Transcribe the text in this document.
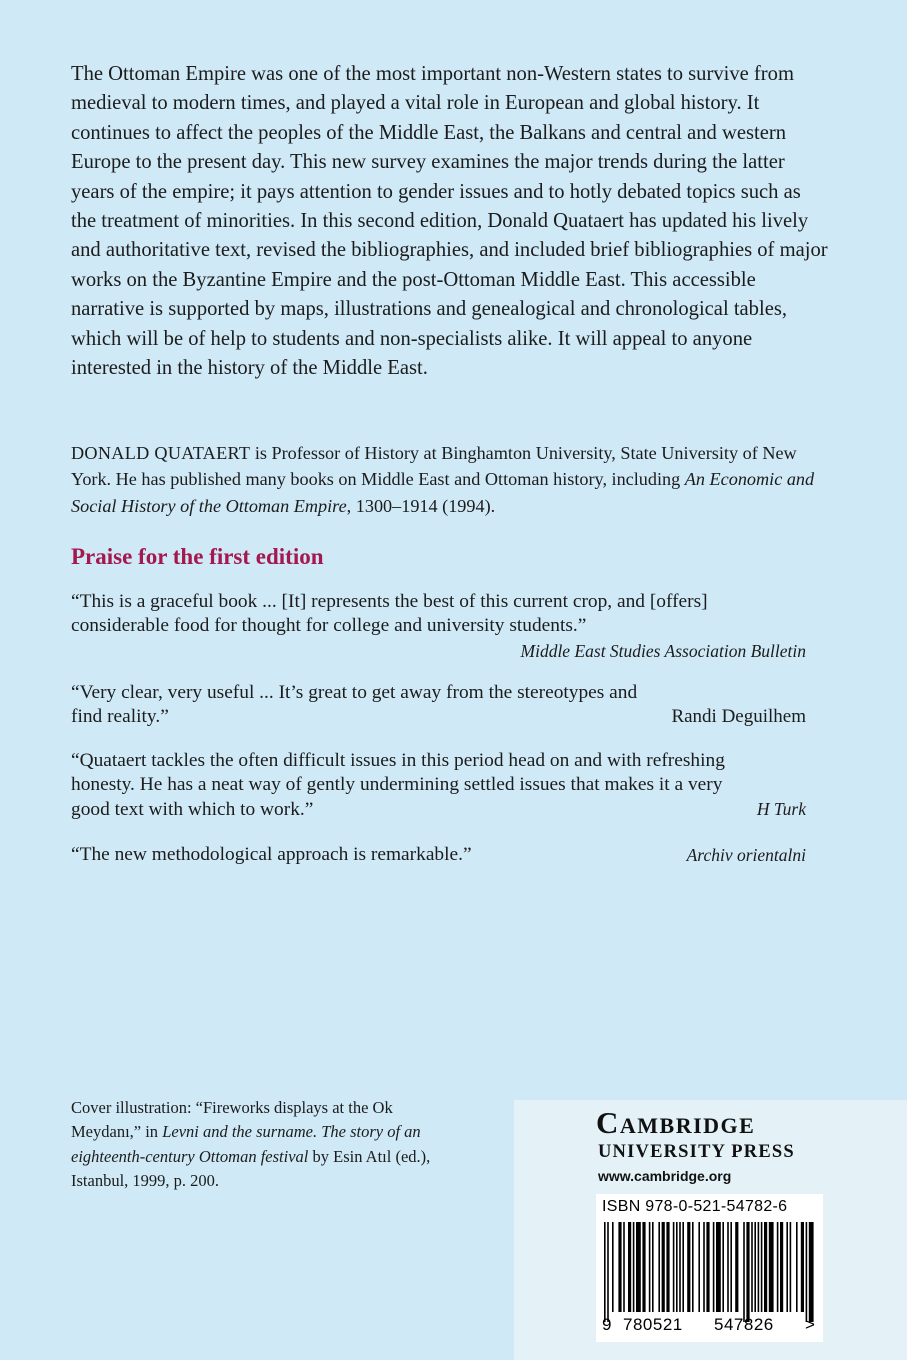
The Ottoman Empire was one of the most important non-Western states to survive from medieval to modern times, and played a vital role in European and global history. It continues to affect the peoples of the Middle East, the Balkans and central and western Europe to the present day. This new survey examines the major trends during the latter years of the empire; it pays attention to gender issues and to hotly debated topics such as the treatment of minorities. In this second edition, Donald Quataert has updated his lively and authoritative text, revised the bibliographies, and included brief bibliographies of major works on the Byzantine Empire and the post-Ottoman Middle East. This accessible narrative is supported by maps, illustrations and genealogical and chronological tables, which will be of help to students and non-specialists alike. It will appeal to anyone interested in the history of the Middle East.

DONALD QUATAERT is Professor of History at Binghamton University, State University of New York. He has published many books on Middle East and Ottoman history, including An Economic and Social History of the Ottoman Empire, 1300–1914 (1994).

Praise for the first edition

“This is a graceful book ... [It] represents the best of this current crop, and [offers] considerable food for thought for college and university students.”

Middle East Studies Association Bulletin

Randi Deguilhem
“Very clear, very useful ... It’s great to get away from the stereotypes and find reality.”

H Turk
“Quataert tackles the often difficult issues in this period head on and with refreshing honesty. He has a neat way of gently undermining settled issues that makes it a very good text with which to work.”

Archiv orientalni
“The new methodological approach is remarkable.”

Cover illustration: “Fireworks displays at the Ok Meydanı,” in Levni and the surname. The story of an eighteenth-century Ottoman festival by Esin Atıl (ed.), Istanbul, 1999, p. 200.

Cambridge

UNIVERSITY PRESS

www.cambridge.org

ISBN 978-0-521-54782-6

9 780521 547826 >
